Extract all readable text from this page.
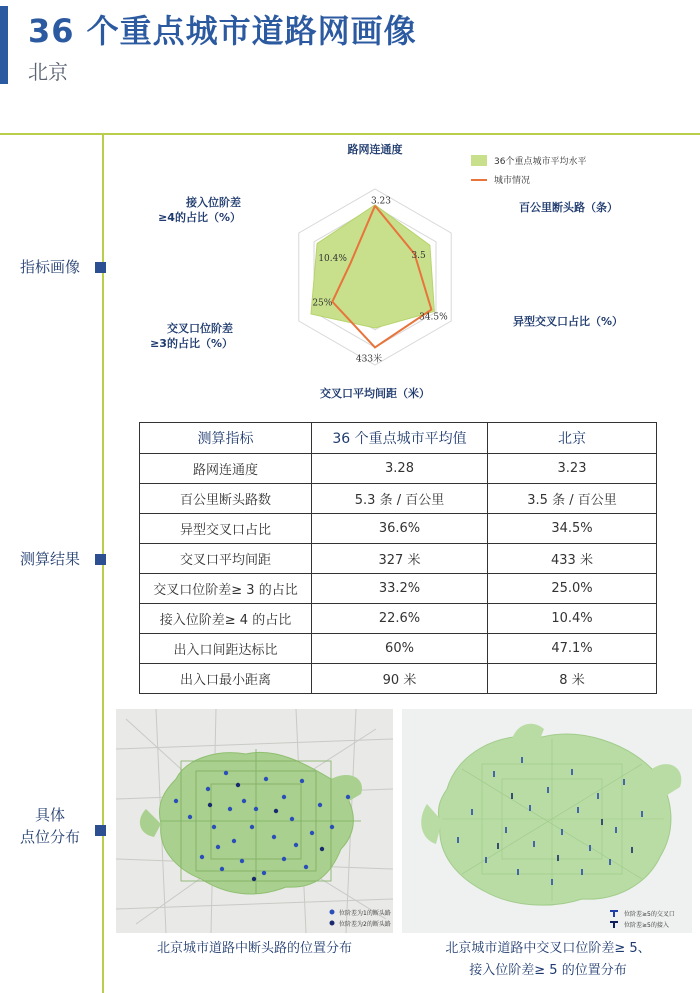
36 个重点城市道路网画像
北京
指标画像
测算结果
具体
点位分布
路网连通度
百公里断头路（条）
异型交叉口占比（%）
交叉口平均间距（米）
交叉口位阶差
≥3的占比（%）
接入位阶差
≥4的占比（%）
3.23
3.5
34.5%
433米
25%
10.4%
36个重点城市平均水平
城市情况
测算指标	36 个重点城市平均值	北京
路网连通度	3.28	3.23
百公里断头路数	5.3 条 / 百公里	3.5 条 / 百公里
异型交叉口占比	36.6%	34.5%
交叉口平均间距	327 米	433 米
交叉口位阶差≥ 3 的占比	33.2%	25.0%
接入位阶差≥ 4 的占比	22.6%	10.4%
出入口间距达标比	60%	47.1%
出入口最小距离	90 米	8 米
位阶差为1的断头路
位阶差为2的断头路
位阶差≥5的交叉口
位阶差≥5的接入
北京城市道路中断头路的位置分布	北京城市道路中交叉口位阶差≥ 5、
接入位阶差≥ 5 的位置分布
